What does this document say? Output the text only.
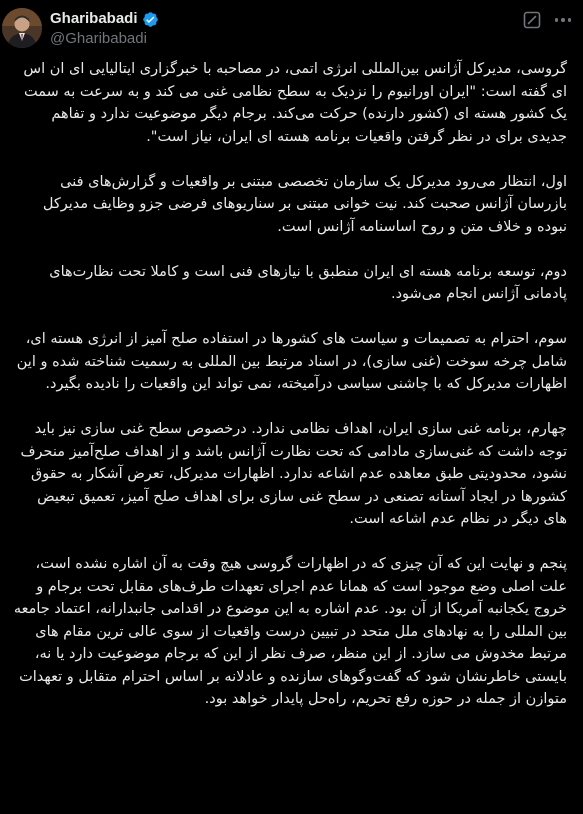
Gharibabadi
@Gharibabadi

گروسی، مدیرکل آژانس بین‌المللی انرژی اتمی، در مصاحبه با خبرگزاری ایتالیایی ای ان اس ای گفته است: "ایران اورانیوم را نزدیک به سطح نظامی غنی می کند و به سرعت به سمت یک کشور هسته ای (کشور دارنده) حرکت می‌کند. برجام دیگر موضوعیت ندارد و تفاهم جدیدی برای در نظر گرفتن واقعیات برنامه هسته ای ایران، نیاز است".

اول، انتظار می‌رود مدیرکل یک سازمان تخصصی مبتنی بر واقعیات و گزارش‌های فنی بازرسان آژانس صحبت کند. نیت خوانی مبتنی بر سناریوهای فرضی جزو وظایف مدیرکل نبوده و خلاف متن و روح اساسنامه آژانس است.

دوم، توسعه برنامه هسته ای ایران منطبق با نیازهای فنی است و کاملا تحت نظارت‌های پادمانی آژانس انجام می‌شود.

سوم، احترام به تصمیمات و سیاست های کشورها در استفاده صلح آمیز از انرژی هسته ای، شامل چرخه سوخت (غنی سازی)، در اسناد مرتبط بین المللی به رسمیت شناخته شده و این اظهارات مدیرکل که با چاشنی سیاسی درآمیخته، نمی تواند این واقعیات را نادیده بگیرد.

چهارم، برنامه غنی سازی ایران، اهداف نظامی ندارد. درخصوص سطح غنی سازی نیز باید توجه داشت که غنی‌سازی مادامی که تحت نظارت آژانس باشد و از اهداف صلح‌آمیز منحرف نشود، محدودیتی طبق معاهده عدم اشاعه ندارد. اظهارات مدیرکل، تعرض آشکار به حقوق کشورها در ایجاد آستانه تصنعی در سطح غنی سازی برای اهداف صلح آمیز، تعمیق تبعیض های دیگر در نظام عدم اشاعه است.

پنجم و نهایت این که آن چیزی که در اظهارات گروسی هیچ وقت به آن اشاره نشده است، علت اصلی وضع موجود است که همانا عدم اجرای تعهدات طرف‌های مقابل تحت برجام و خروج یکجانبه آمریکا از آن بود. عدم اشاره به این موضوع در اقدامی جانبدارانه، اعتماد جامعه بین المللی را به نهادهای ملل متحد در تبیین درست واقعیات از سوی عالی ترین مقام های مرتبط مخدوش می سازد. از این منظر، صرف نظر از این که برجام موضوعیت دارد یا نه، بایستی خاطرنشان شود که گفت‌وگوهای سازنده و عادلانه بر اساس احترام متقابل و تعهدات متوازن از جمله در حوزه رفع تحریم، راه‌حل پایدار خواهد بود.
